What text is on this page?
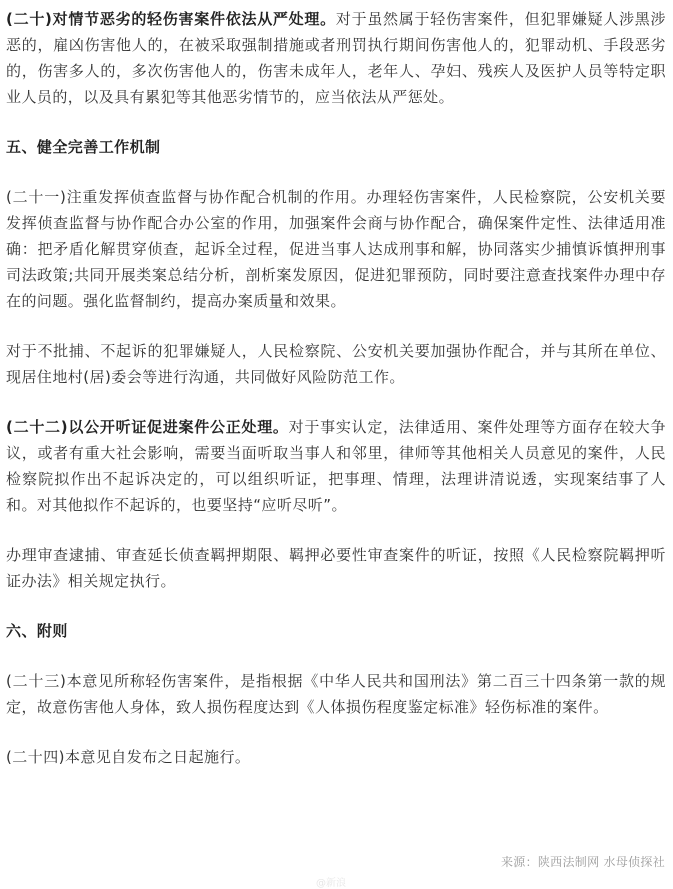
(二十)对情节恶劣的轻伤害案件依法从严处理。对于虽然属于轻伤害案件，但犯罪嫌疑人涉黑涉恶的，雇凶伤害他人的，在被采取强制措施或者刑罚执行期间伤害他人的，犯罪动机、手段恶劣的，伤害多人的，多次伤害他人的，伤害未成年人，老年人、孕妇、残疾人及医护人员等特定职业人员的，以及具有累犯等其他恶劣情节的，应当依法从严惩处。

五、健全完善工作机制

(二十一)注重发挥侦查监督与协作配合机制的作用。办理轻伤害案件，人民检察院，公安机关要发挥侦查监督与协作配合办公室的作用，加强案件会商与协作配合，确保案件定性、法律适用准确：把矛盾化解贯穿侦查，起诉全过程，促进当事人达成刑事和解，协同落实少捕慎诉慎押刑事司法政策;共同开展类案总结分析，剖析案发原因，促进犯罪预防，同时要注意查找案件办理中存在的问题。强化监督制约，提高办案质量和效果。

对于不批捕、不起诉的犯罪嫌疑人，人民检察院、公安机关要加强协作配合，并与其所在单位、现居住地村(居)委会等进行沟通，共同做好风险防范工作。

(二十二)以公开听证促进案件公正处理。对于事实认定，法律适用、案件处理等方面存在较大争议，或者有重大社会影响，需要当面听取当事人和邻里，律师等其他相关人员意见的案件，人民检察院拟作出不起诉决定的，可以组织听证，把事理、情理，法理讲清说透，实现案结事了人和。对其他拟作不起诉的，也要坚持“应听尽听”。

办理审查逮捕、审查延长侦查羁押期限、羁押必要性审查案件的听证，按照《人民检察院羁押听证办法》相关规定执行。

六、附则

(二十三)本意见所称轻伤害案件，是指根据《中华人民共和国刑法》第二百三十四条第一款的规定，故意伤害他人身体，致人损伤程度达到《人体损伤程度鉴定标准》轻伤标准的案件。

(二十四)本意见自发布之日起施行。

来源：陕西法制网 水母侦探社
@新浪
